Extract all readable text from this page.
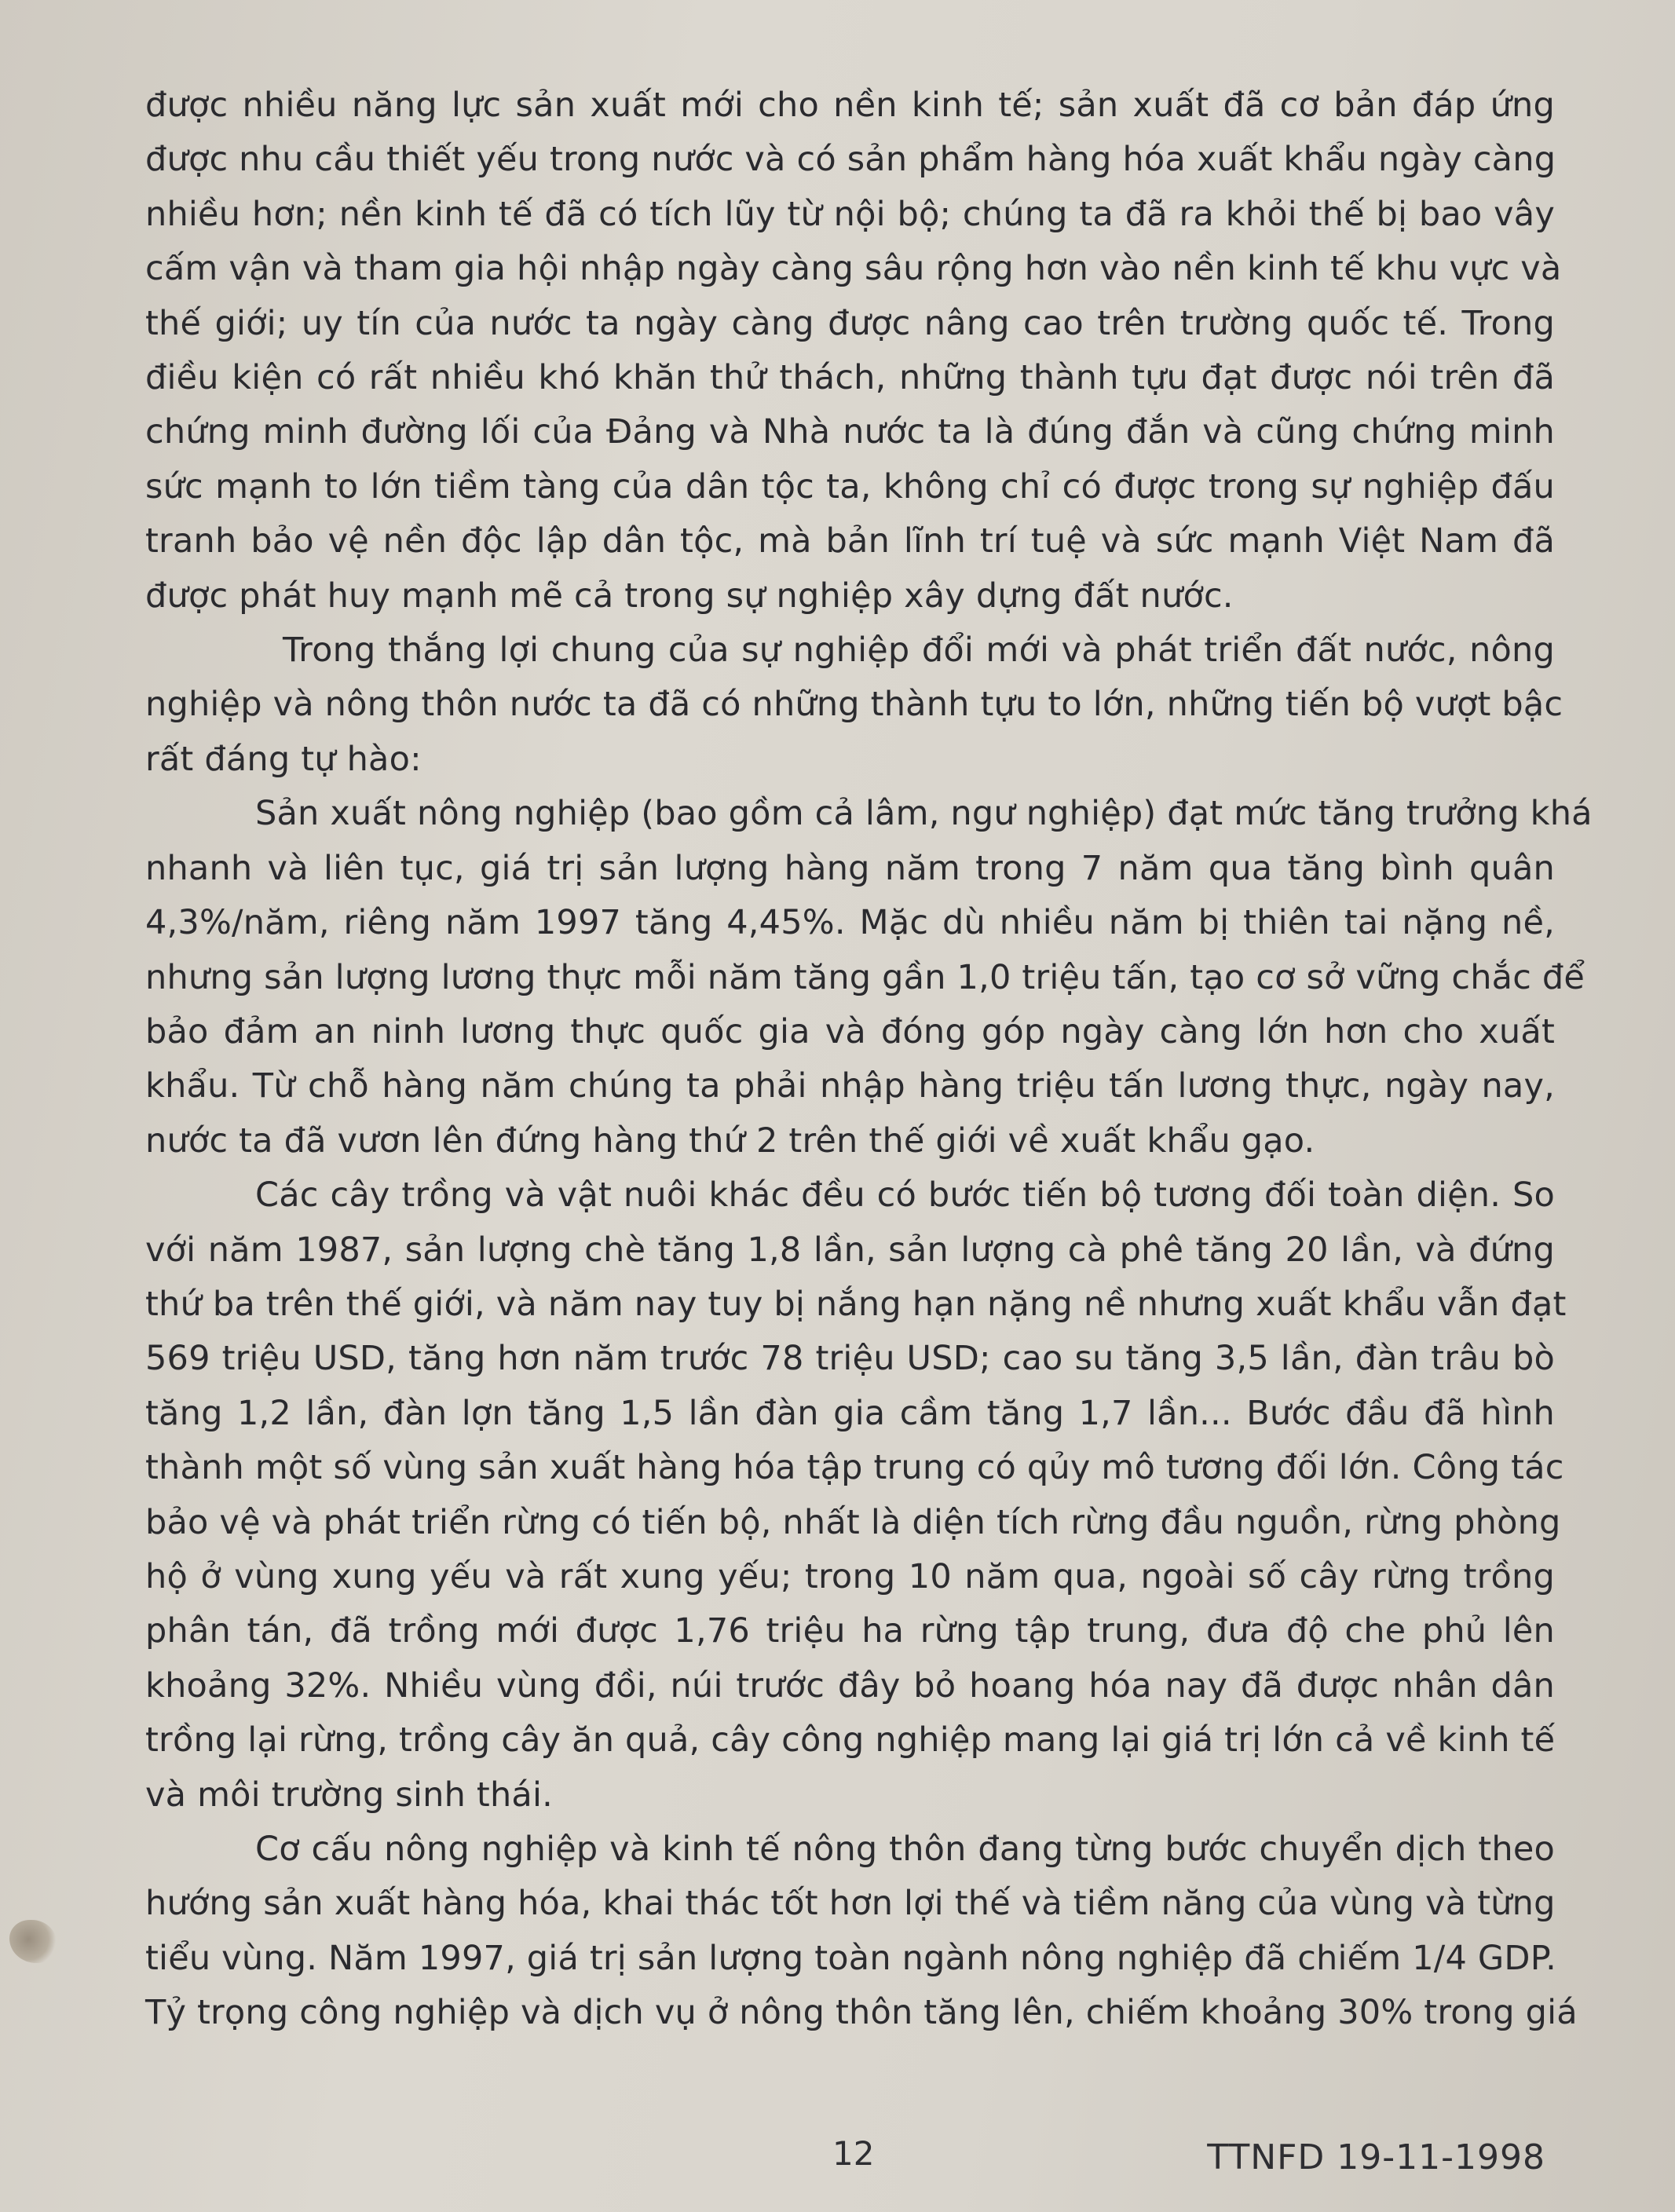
được nhiều năng lực sản xuất mới cho nền kinh tế; sản xuất đã cơ bản đáp ứng
được nhu cầu thiết yếu trong nước và có sản phẩm hàng hóa xuất khẩu ngày càng
nhiều hơn; nền kinh tế đã có tích lũy từ nội bộ; chúng ta đã ra khỏi thế bị bao vây
cấm vận và tham gia hội nhập ngày càng sâu rộng hơn vào nền kinh tế khu vực và
thế giới; uy tín của nước ta ngày càng được nâng cao trên trường quốc tế. Trong
điều kiện có rất nhiều khó khăn thử thách, những thành tựu đạt được nói trên đã
chứng minh đường lối của Đảng và Nhà nước ta là đúng đắn và cũng chứng minh
sức mạnh to lớn tiềm tàng của dân tộc ta, không chỉ có được trong sự nghiệp đấu
tranh bảo vệ nền độc lập dân tộc, mà bản lĩnh trí tuệ và sức mạnh Việt Nam đã
được phát huy mạnh mẽ cả trong sự nghiệp xây dựng đất nước.

Trong thắng lợi chung của sự nghiệp đổi mới và phát triển đất nước, nông
nghiệp và nông thôn nước ta đã có những thành tựu to lớn, những tiến bộ vượt bậc
rất đáng tự hào:

Sản xuất nông nghiệp (bao gồm cả lâm, ngư nghiệp) đạt mức tăng trưởng khá
nhanh và liên tục, giá trị sản lượng hàng năm trong 7 năm qua tăng bình quân
4,3%/năm, riêng năm 1997 tăng 4,45%. Mặc dù nhiều năm bị thiên tai nặng nề,
nhưng sản lượng lương thực mỗi năm tăng gần 1,0 triệu tấn, tạo cơ sở vững chắc để
bảo đảm an ninh lương thực quốc gia và đóng góp ngày càng lớn hơn cho xuất
khẩu. Từ chỗ hàng năm chúng ta phải nhập hàng triệu tấn lương thực, ngày nay,
nước ta đã vươn lên đứng hàng thứ 2 trên thế giới về xuất khẩu gạo.

Các cây trồng và vật nuôi khác đều có bước tiến bộ tương đối toàn diện. So
với năm 1987, sản lượng chè tăng 1,8 lần, sản lượng cà phê tăng 20 lần, và đứng
thứ ba trên thế giới, và năm nay tuy bị nắng hạn nặng nề nhưng xuất khẩu vẫn đạt
569 triệu USD, tăng hơn năm trước 78 triệu USD; cao su tăng 3,5 lần, đàn trâu bò
tăng 1,2 lần, đàn lợn tăng 1,5 lần đàn gia cầm tăng 1,7 lần... Bước đầu đã hình
thành một số vùng sản xuất hàng hóa tập trung có qủy mô tương đối lớn. Công tác
bảo vệ và phát triển rừng có tiến bộ, nhất là diện tích rừng đầu nguồn, rừng phòng
hộ ở vùng xung yếu và rất xung yếu; trong 10 năm qua, ngoài số cây rừng trồng
phân tán, đã trồng mới được 1,76 triệu ha rừng tập trung, đưa độ che phủ lên
khoảng 32%. Nhiều vùng đồi, núi trước đây bỏ hoang hóa nay đã được nhân dân
trồng lại rừng, trồng cây ăn quả, cây công nghiệp mang lại giá trị lớn cả về kinh tế
và môi trường sinh thái.

Cơ cấu nông nghiệp và kinh tế nông thôn đang từng bước chuyển dịch theo
hướng sản xuất hàng hóa, khai thác tốt hơn lợi thế và tiềm năng của vùng và từng
tiểu vùng. Năm 1997, giá trị sản lượng toàn ngành nông nghiệp đã chiếm 1/4 GDP.
Tỷ trọng công nghiệp và dịch vụ ở nông thôn tăng lên, chiếm khoảng 30% trong giá

12	TTNFD 19-11-1998
